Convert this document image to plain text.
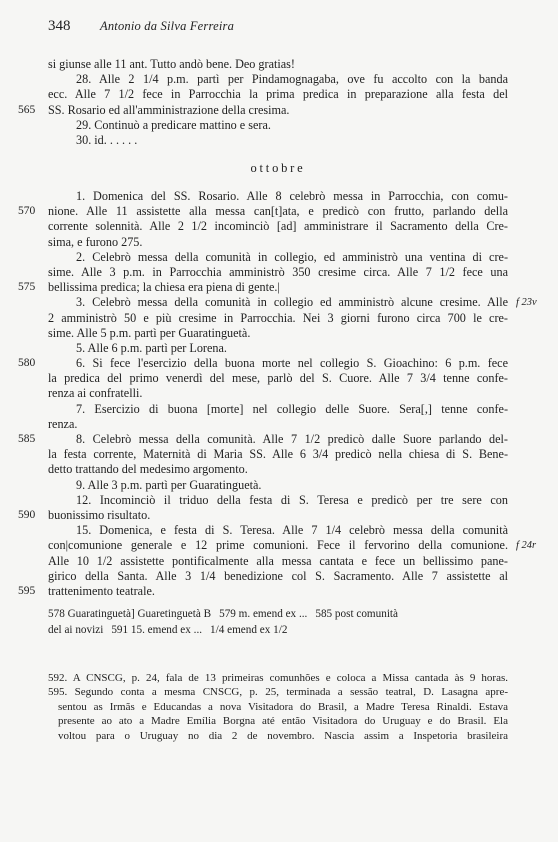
348 Antonio da Silva Ferreira
si giunse alle 11 ant. Tutto andò bene. Deo gratias!
28. Alle 2 1/4 p.m. partì per Pindamognagaba, ove fu accolto con la banda
ecc. Alle 7 1/2 fece in Parrocchia la prima predica in preparazione alla festa del
565	SS. Rosario ed all'amministrazione della cresima.
29. Continuò a predicare mattino e sera.
30. id. . . . . .
ottobre
1. Domenica del SS. Rosario. Alle 8 celebrò messa in Parrocchia, con comu-
570	nione. Alle 11 assistette alla messa can[t]ata, e predicò con frutto, parlando della
corrente solennità. Alle 2 1/2 incominciò [ad] amministrare il Sacramento della Cre-
sima, e furono 275.
2. Celebrò messa della comunità in collegio, ed amministrò una ventina di cre-
sime. Alle 3 p.m. in Parrocchia amministrò 350 cresime circa. Alle 7 1/2 fece una
575	bellissima predica; la chiesa era piena di gente.|
3. Celebrò messa della comunità in collegio ed amministrò alcune cresime. Alle f 23v
2 amministrò 50 e più cresime in Parrocchia. Nei 3 giorni furono circa 700 le cre-
sime. Alle 5 p.m. partì per Guaratinguetà.
5. Alle 6 p.m. partì per Lorena.
580	6. Si fece l'esercizio della buona morte nel collegio S. Gioachino: 6 p.m. fece
la predica del primo venerdì del mese, parlò del S. Cuore. Alle 7 3/4 tenne confe-
renza ai confratelli.
7. Esercizio di buona [morte] nel collegio delle Suore. Sera[,] tenne confe-
renza.
585	8. Celebrò messa della comunità. Alle 7 1/2 predicò dalle Suore parlando del-
la festa corrente, Maternità di Maria SS. Alle 6 3/4 predicò nella chiesa di S. Bene-
detto trattando del medesimo argomento.
9. Alle 3 p.m. partì per Guaratinguetà.
12. Incominciò il triduo della festa di S. Teresa e predicò per tre sere con
590	buonissimo risultato.
15. Domenica, e festa di S. Teresa. Alle 7 1/4 celebrò messa della comunità
con|comunione generale e 12 prime comunioni. Fece il fervorino della comunione. f 24r
Alle 10 1/2 assistette pontificalmente alla messa cantata e fece un bellissimo pane-
girico della Santa. Alle 3 1/4 benedizione col S. Sacramento. Alle 7 assistette al
595	trattenimento teatrale.
578 Guaratinguetà] Guaretinguetà B 579 m. emend ex ... 585 post comunità
del ai novizi 591 15. emend ex ... 1/4 emend ex 1/2
592. A CNSCG, p. 24, fala de 13 primeiras comunhões e coloca a Missa cantada às 9 horas.
595. Segundo conta a mesma CNSCG, p. 25, terminada a sessão teatral, D. Lasagna apre-
sentou as Irmãs e Educandas a nova Visitadora do Brasil, a Madre Teresa Rinaldi. Estava
presente ao ato a Madre Emília Borgna até então Visitadora do Uruguay e do Brasil. Ela
voltou para o Uruguay no dia 2 de novembro. Nascia assim a Inspetoria brasileira
